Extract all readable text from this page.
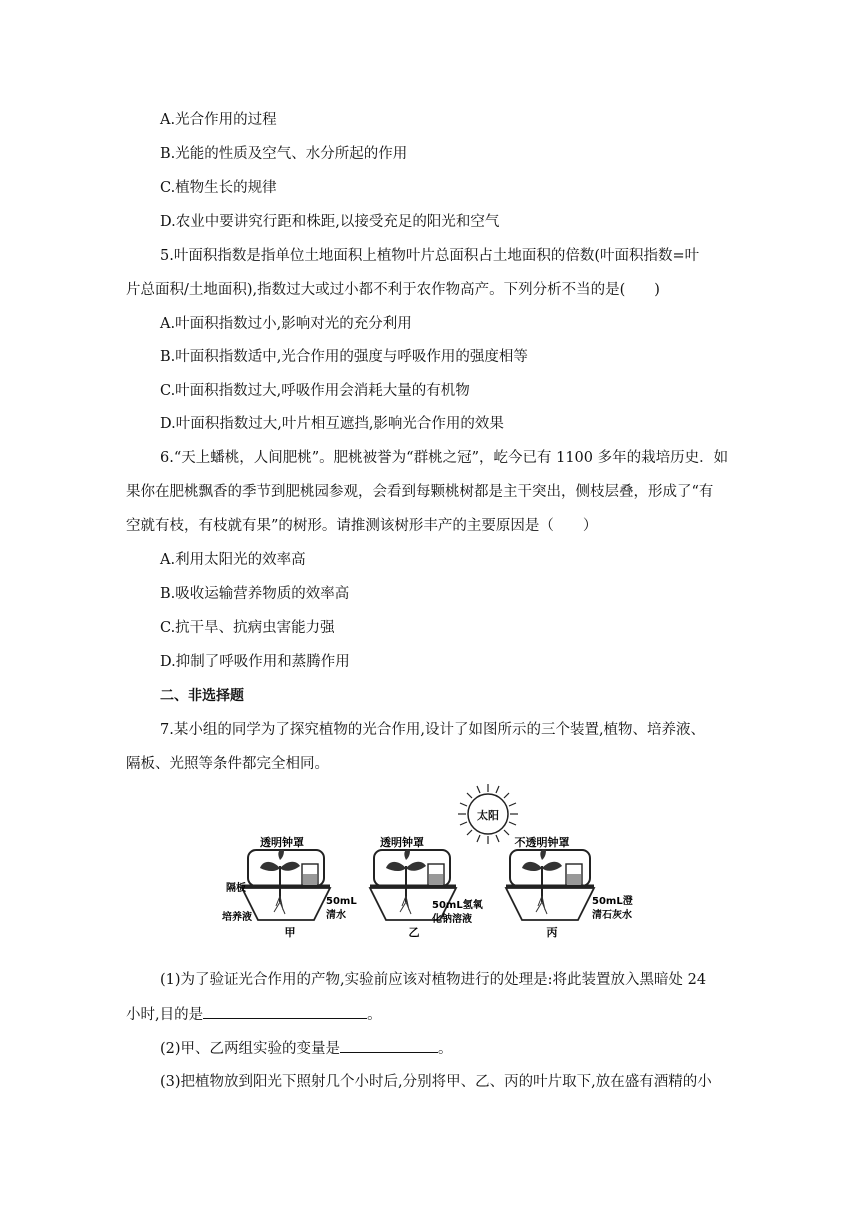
A.光合作用的过程
B.光能的性质及空气、水分所起的作用
C.植物生长的规律
D.农业中要讲究行距和株距,以接受充足的阳光和空气
5.叶面积指数是指单位土地面积上植物叶片总面积占土地面积的倍数(叶面积指数=叶
片总面积/土地面积),指数过大或过小都不利于农作物高产。下列分析不当的是(　　)
A.叶面积指数过小,影响对光的充分利用
B.叶面积指数适中,光合作用的强度与呼吸作用的强度相等
C.叶面积指数过大,呼吸作用会消耗大量的有机物
D.叶面积指数过大,叶片相互遮挡,影响光合作用的效果
6.“天上蟠桃，人间肥桃”。肥桃被誉为“群桃之冠”，屹今已有 1100 多年的栽培历史．如
果你在肥桃飘香的季节到肥桃园参观，会看到每颗桃树都是主干突出，侧枝层叠，形成了“有
空就有枝，有枝就有果”的树形。请推测该树形丰产的主要原因是（　　）
A.利用太阳光的效率高
B.吸收运输营养物质的效率高
C.抗干旱、抗病虫害能力强
D.抑制了呼吸作用和蒸腾作用
二、非选择题
7.某小组的同学为了探究植物的光合作用,设计了如图所示的三个装置,植物、培养液、
隔板、光照等条件都完全相同。
太阳
透明钟罩
隔板
培养液
50mL
清水
甲
透明钟罩
50mL氢氧
化钠溶液
乙
不透明钟罩
50mL澄
清石灰水
丙
(1)为了验证光合作用的产物,实验前应该对植物进行的处理是:将此装置放入黑暗处 24
小时,目的是	。
(2)甲、乙两组实验的变量是	。
(3)把植物放到阳光下照射几个小时后,分别将甲、乙、丙的叶片取下,放在盛有酒精的小
